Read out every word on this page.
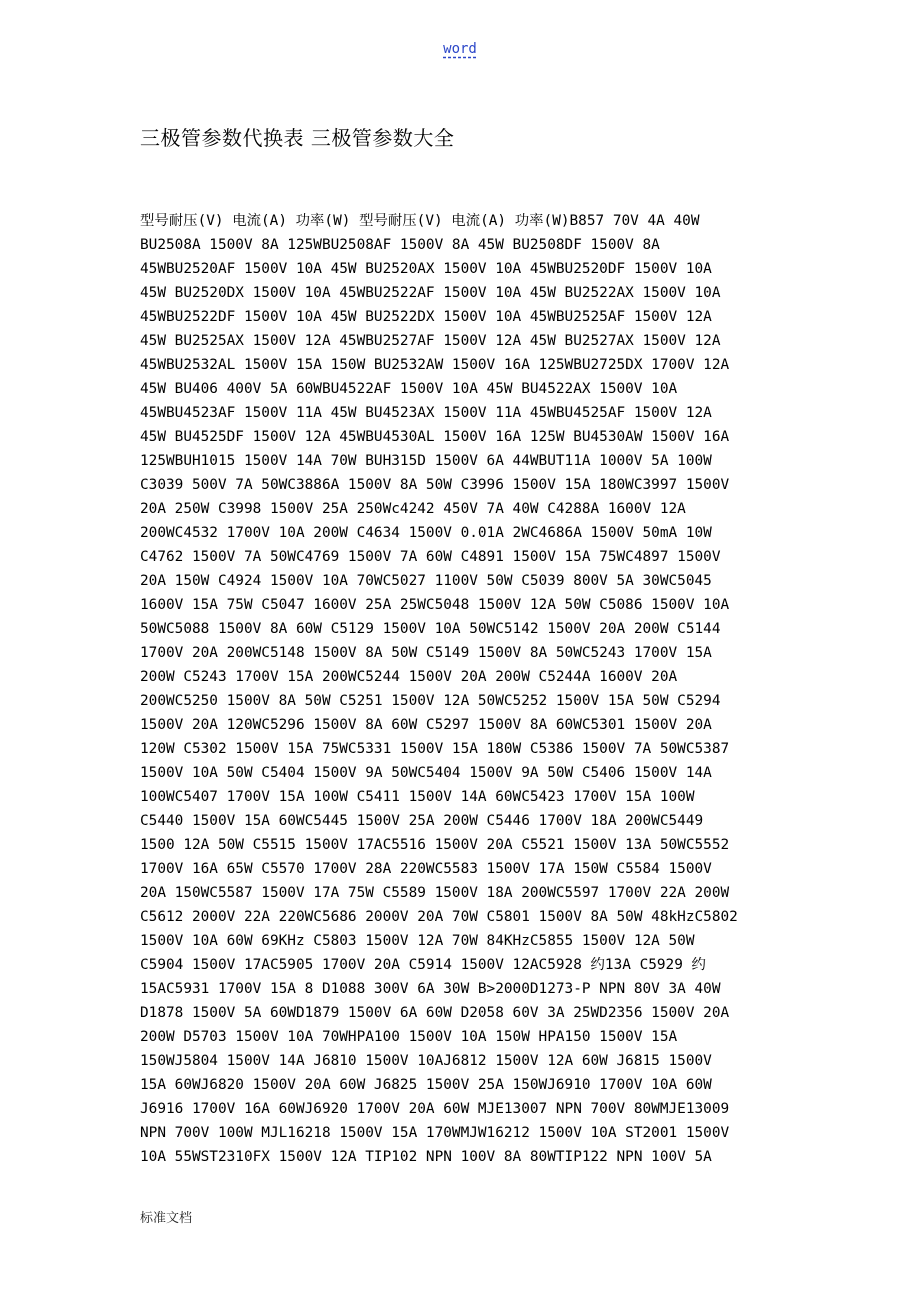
word
三极管参数代换表 三极管参数大全
型号耐压(V) 电流(A) 功率(W) 型号耐压(V) 电流(A) 功率(W)B857 70V 4A 40W
BU2508A 1500V 8A 125WBU2508AF 1500V 8A 45W BU2508DF 1500V 8A
45WBU2520AF 1500V 10A 45W BU2520AX 1500V 10A 45WBU2520DF 1500V 10A
45W BU2520DX 1500V 10A 45WBU2522AF 1500V 10A 45W BU2522AX 1500V 10A
45WBU2522DF 1500V 10A 45W BU2522DX 1500V 10A 45WBU2525AF 1500V 12A
45W BU2525AX 1500V 12A 45WBU2527AF 1500V 12A 45W BU2527AX 1500V 12A
45WBU2532AL 1500V 15A 150W BU2532AW 1500V 16A 125WBU2725DX 1700V 12A
45W BU406 400V 5A 60WBU4522AF 1500V 10A 45W BU4522AX 1500V 10A
45WBU4523AF 1500V 11A 45W BU4523AX 1500V 11A 45WBU4525AF 1500V 12A
45W BU4525DF 1500V 12A 45WBU4530AL 1500V 16A 125W BU4530AW 1500V 16A
125WBUH1015 1500V 14A 70W BUH315D 1500V 6A 44WBUT11A 1000V 5A 100W
C3039 500V 7A 50WC3886A 1500V 8A 50W C3996 1500V 15A 180WC3997 1500V
20A 250W C3998 1500V 25A 250Wc4242 450V 7A 40W C4288A 1600V 12A
200WC4532 1700V 10A 200W C4634 1500V 0.01A 2WC4686A 1500V 50mA 10W
C4762 1500V 7A 50WC4769 1500V 7A 60W C4891 1500V 15A 75WC4897 1500V
20A 150W C4924 1500V 10A 70WC5027 1100V 50W C5039 800V 5A 30WC5045
1600V 15A 75W C5047 1600V 25A 25WC5048 1500V 12A 50W C5086 1500V 10A
50WC5088 1500V 8A 60W C5129 1500V 10A 50WC5142 1500V 20A 200W C5144
1700V 20A 200WC5148 1500V 8A 50W C5149 1500V 8A 50WC5243 1700V 15A
200W C5243 1700V 15A 200WC5244 1500V 20A 200W C5244A 1600V 20A
200WC5250 1500V 8A 50W C5251 1500V 12A 50WC5252 1500V 15A 50W C5294
1500V 20A 120WC5296 1500V 8A 60W C5297 1500V 8A 60WC5301 1500V 20A
120W C5302 1500V 15A 75WC5331 1500V 15A 180W C5386 1500V 7A 50WC5387
1500V 10A 50W C5404 1500V 9A 50WC5404 1500V 9A 50W C5406 1500V 14A
100WC5407 1700V 15A 100W C5411 1500V 14A 60WC5423 1700V 15A 100W
C5440 1500V 15A 60WC5445 1500V 25A 200W C5446 1700V 18A 200WC5449
1500 12A 50W C5515 1500V 17AC5516 1500V 20A C5521 1500V 13A 50WC5552
1700V 16A 65W C5570 1700V 28A 220WC5583 1500V 17A 150W C5584 1500V
20A 150WC5587 1500V 17A 75W C5589 1500V 18A 200WC5597 1700V 22A 200W
C5612 2000V 22A 220WC5686 2000V 20A 70W C5801 1500V 8A 50W 48kHzC5802
1500V 10A 60W 69KHz C5803 1500V 12A 70W 84KHzC5855 1500V 12A 50W
C5904 1500V 17AC5905 1700V 20A C5914 1500V 12AC5928 约13A C5929 约
15AC5931 1700V 15A 8 D1088 300V 6A 30W B>2000D1273-P NPN 80V 3A 40W
D1878 1500V 5A 60WD1879 1500V 6A 60W D2058 60V 3A 25WD2356 1500V 20A
200W D5703 1500V 10A 70WHPA100 1500V 10A 150W HPA150 1500V 15A
150WJ5804 1500V 14A J6810 1500V 10AJ6812 1500V 12A 60W J6815 1500V
15A 60WJ6820 1500V 20A 60W J6825 1500V 25A 150WJ6910 1700V 10A 60W
J6916 1700V 16A 60WJ6920 1700V 20A 60W MJE13007 NPN 700V 80WMJE13009
NPN 700V 100W MJL16218 1500V 15A 170WMJW16212 1500V 10A ST2001 1500V
10A 55WST2310FX 1500V 12A TIP102 NPN 100V 8A 80WTIP122 NPN 100V 5A
标准文档
